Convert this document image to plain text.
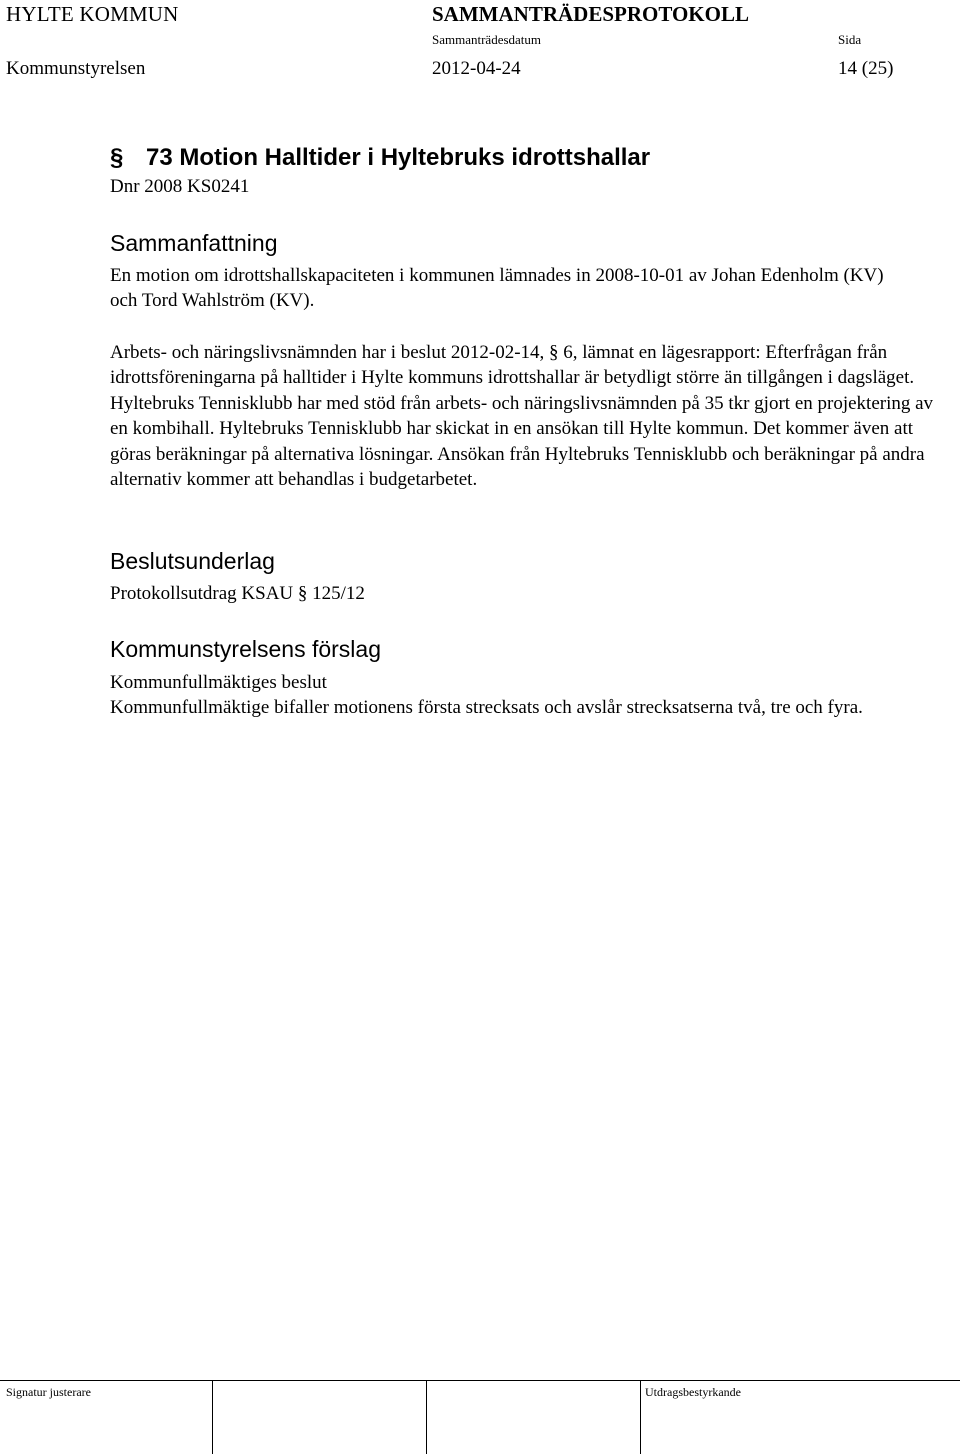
HYLTE KOMMUN	SAMMANTRÄDESPROTOKOLL
Sammanträdesdatum	Sida
Kommunstyrelsen	2012-04-24	14 (25)
§ 73 Motion Halltider i Hyltebruks idrottshallar
Dnr 2008 KS0241
Sammanfattning

En motion om idrottshallskapaciteten i kommunen lämnades in 2008-10-01 av Johan Edenholm (KV) och Tord Wahlström (KV).

Arbets- och näringslivsnämnden har i beslut 2012-02-14, § 6, lämnat en lägesrapport: Efterfrågan från idrottsföreningarna på halltider i Hylte kommuns idrottshallar är betydligt större än tillgången i dagsläget. Hyltebruks Tennisklubb har med stöd från arbets- och näringslivsnämnden på 35 tkr gjort en projektering av en kombihall. Hyltebruks Tennisklubb har skickat in en ansökan till Hylte kommun. Det kommer även att göras beräkningar på alternativa lösningar. Ansökan från Hyltebruks Tennisklubb och beräkningar på andra alternativ kommer att behandlas i budgetarbetet.

Beslutsunderlag

Protokollsutdrag KSAU § 125/12

Kommunstyrelsens förslag

Kommunfullmäktiges beslut

Kommunfullmäktige bifaller motionens första strecksats och avslår strecksatserna två, tre och fyra.

Signatur justerare	Utdragsbestyrkande
